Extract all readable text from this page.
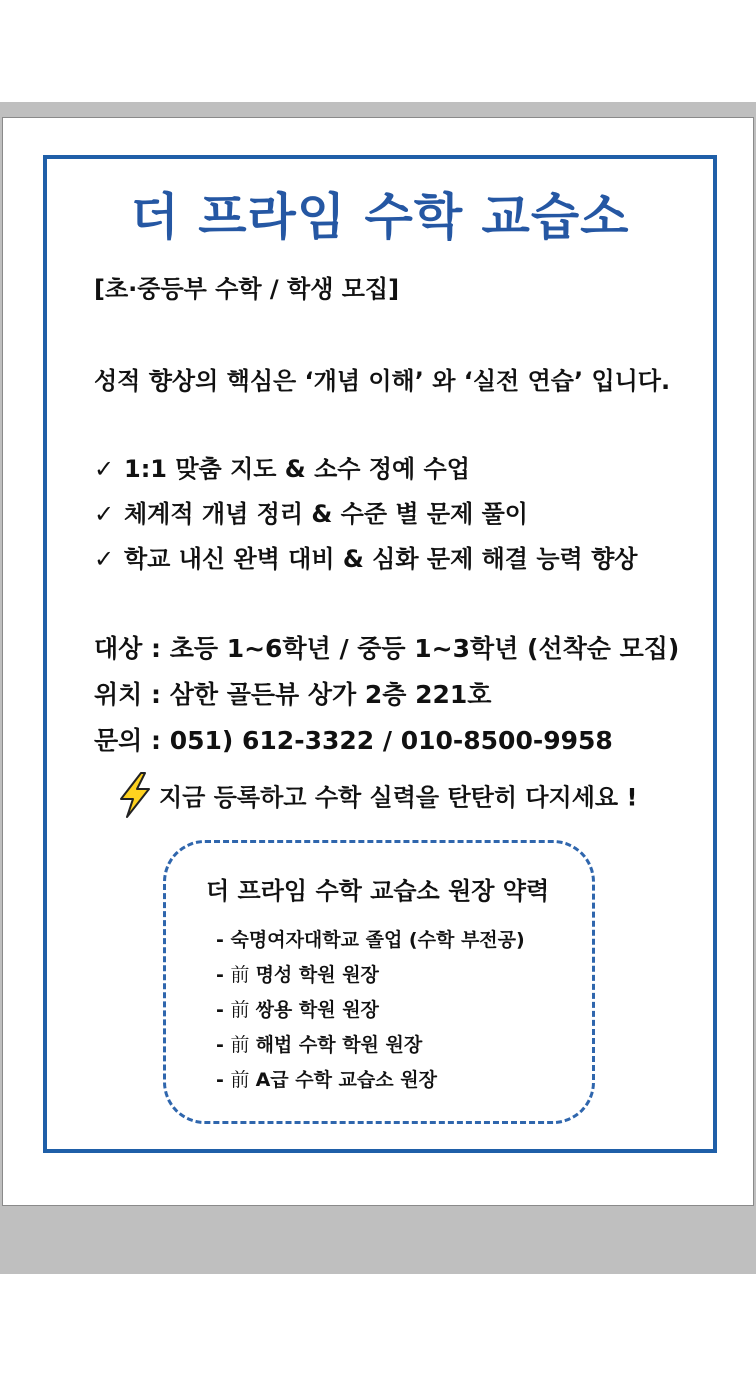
더 프라임 수학 교습소
[초·중등부 수학 / 학생 모집]
성적 향상의 핵심은 ‘개념 이해’ 와 ‘실전 연습’ 입니다.
✓ 1:1 맞춤 지도 & 소수 정예 수업
✓ 체계적 개념 정리 & 수준 별 문제 풀이
✓ 학교 내신 완벽 대비 & 심화 문제 해결 능력 향상
대상 : 초등 1~6학년 / 중등 1~3학년 (선착순 모집)
위치 : 삼한 골든뷰 상가 2층 221호
문의 : 051) 612-3322 / 010-8500-9958
지금 등록하고 수학 실력을 탄탄히 다지세요 !
더 프라임 수학 교습소 원장 약력
- 숙명여자대학교 졸업 (수학 부전공)
- 前 명성 학원 원장
- 前 쌍용 학원 원장
- 前 해법 수학 학원 원장
- 前 A급 수학 교습소 원장
